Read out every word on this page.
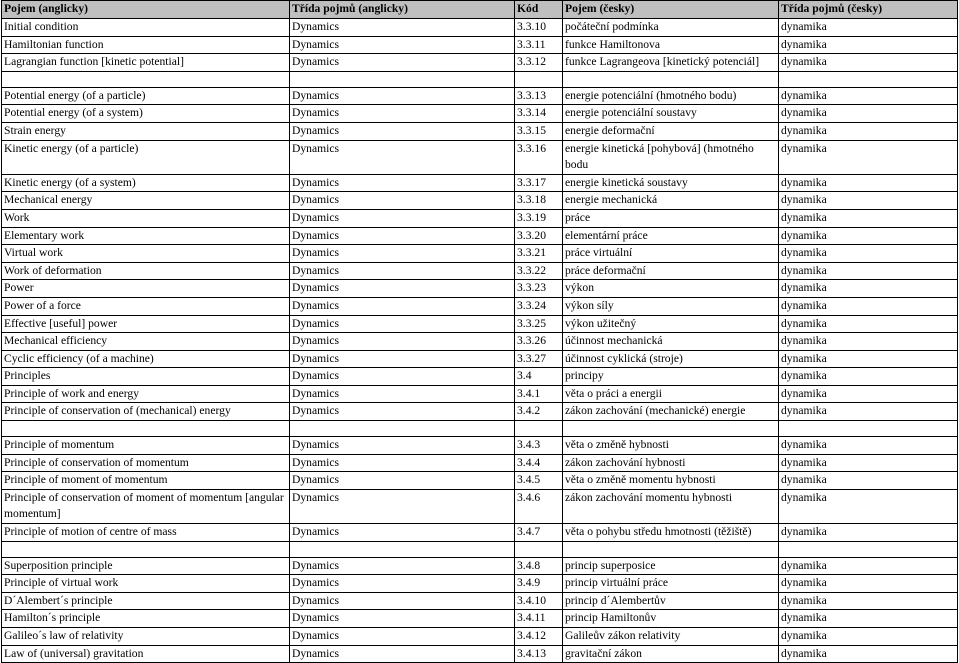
Pojem (anglicky)	Třída pojmů (anglicky)	Kód	Pojem (česky)	Třída pojmů (česky)
Initial condition	Dynamics	3.3.10	počáteční podmínka	dynamika
Hamiltonian function	Dynamics	3.3.11	funkce Hamiltonova	dynamika
Lagrangian function [kinetic potential]	Dynamics	3.3.12	funkce Lagrangeova [kinetický potenciál]	dynamika

Potential energy (of a particle)	Dynamics	3.3.13	energie potenciální (hmotného bodu)	dynamika
Potential energy (of a system)	Dynamics	3.3.14	energie potenciální soustavy	dynamika
Strain energy	Dynamics	3.3.15	energie deformační	dynamika
Kinetic energy (of a particle)	Dynamics	3.3.16	energie kinetická [pohybová] (hmotného bodu	dynamika
Kinetic energy (of a system)	Dynamics	3.3.17	energie kinetická soustavy	dynamika
Mechanical energy	Dynamics	3.3.18	energie mechanická	dynamika
Work	Dynamics	3.3.19	práce	dynamika
Elementary work	Dynamics	3.3.20	elementární práce	dynamika
Virtual work	Dynamics	3.3.21	práce virtuální	dynamika
Work of deformation	Dynamics	3.3.22	práce deformační	dynamika
Power	Dynamics	3.3.23	výkon	dynamika
Power of a force	Dynamics	3.3.24	výkon síly	dynamika
Effective [useful] power	Dynamics	3.3.25	výkon užitečný	dynamika
Mechanical efficiency	Dynamics	3.3.26	účinnost mechanická	dynamika
Cyclic efficiency (of a machine)	Dynamics	3.3.27	účinnost cyklická (stroje)	dynamika
Principles	Dynamics	3.4	principy	dynamika
Principle of work and energy	Dynamics	3.4.1	věta o práci a energii	dynamika
Principle of conservation of (mechanical) energy	Dynamics	3.4.2	zákon zachování (mechanické) energie	dynamika

Principle of momentum	Dynamics	3.4.3	věta o změně hybnosti	dynamika
Principle of conservation of momentum	Dynamics	3.4.4	zákon zachování hybnosti	dynamika
Principle of moment of momentum	Dynamics	3.4.5	věta o změně momentu hybnosti	dynamika
Principle of conservation of moment of momentum [angular momentum]	Dynamics	3.4.6	zákon zachování momentu hybnosti	dynamika
Principle of motion of centre of mass	Dynamics	3.4.7	věta o pohybu středu hmotnosti (těžiště)	dynamika

Superposition principle	Dynamics	3.4.8	princip superposice	dynamika
Principle of virtual work	Dynamics	3.4.9	princip virtuální práce	dynamika
D´Alembert´s principle	Dynamics	3.4.10	princip d´Alembertův	dynamika
Hamilton´s principle	Dynamics	3.4.11	princip Hamiltonův	dynamika
Galileo´s law of relativity	Dynamics	3.4.12	Galileův zákon relativity	dynamika
Law of (universal) gravitation	Dynamics	3.4.13	gravitační zákon	dynamika
